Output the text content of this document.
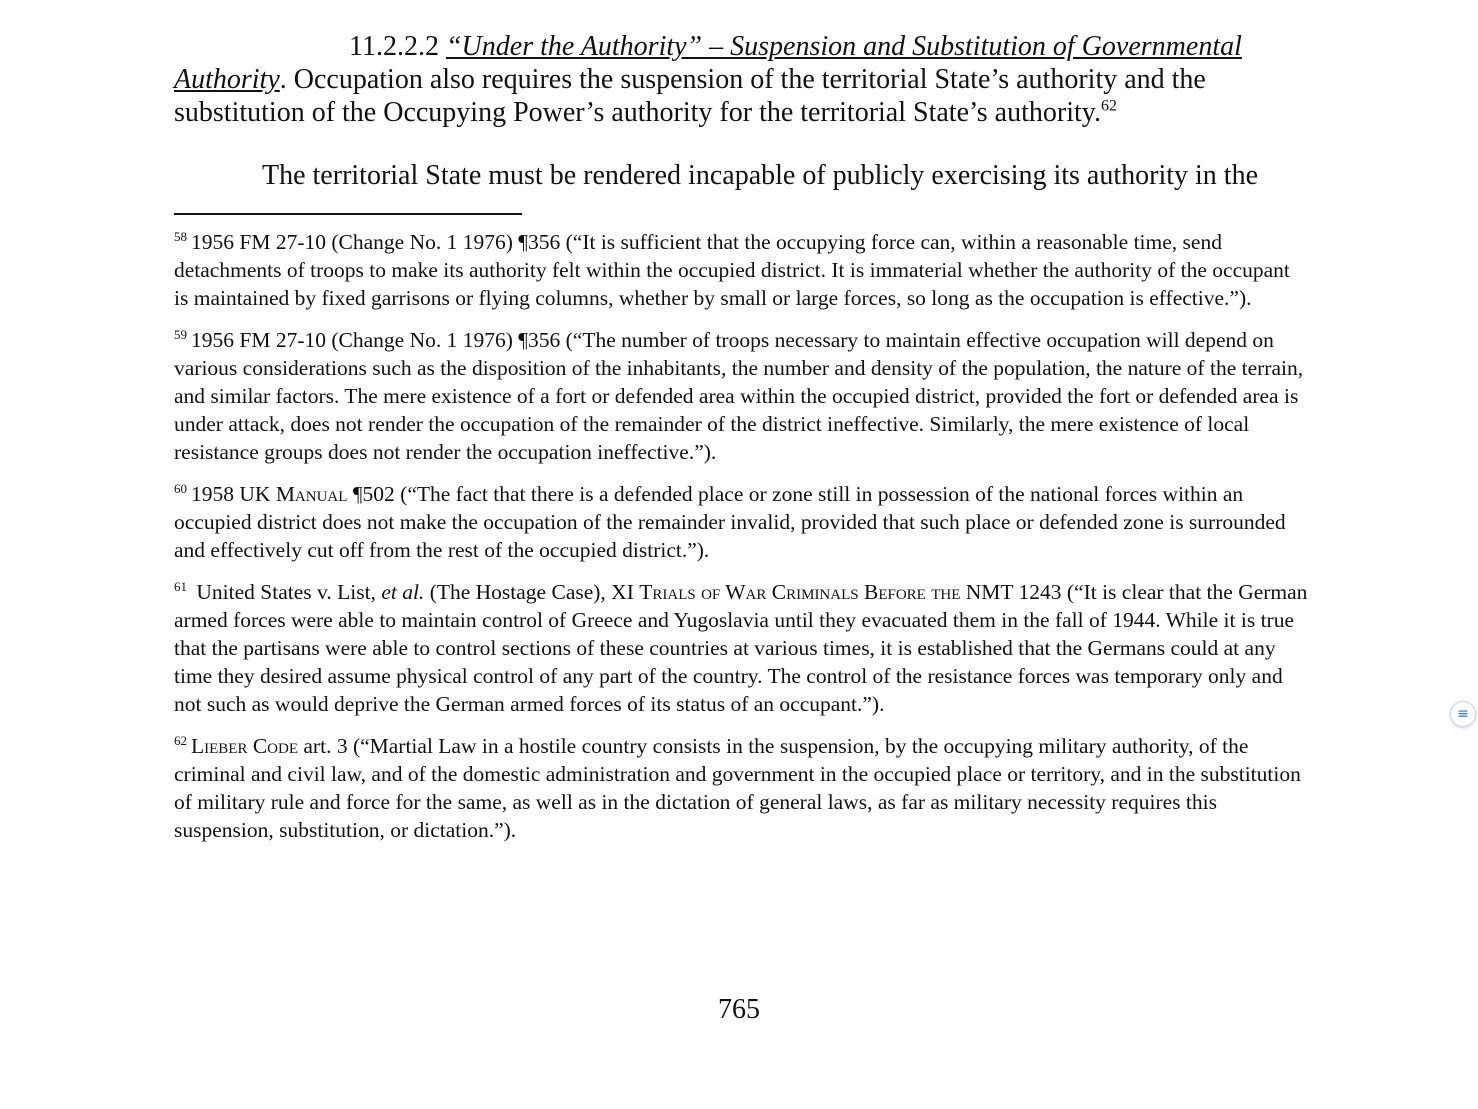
11.2.2.2 “Under the Authority” – Suspension and Substitution of Governmental
Authority. Occupation also requires the suspension of the territorial State’s authority and the substitution of the Occupying Power’s authority for the territorial State’s authority.$^{62}$

The territorial State must be rendered incapable of publicly exercising its authority in the

$^{58}$ 1956 FM 27-10 (Change No. 1 1976) ¶356 (“It is sufficient that the occupying force can, within a reasonable time, send detachments of troops to make its authority felt within the occupied district. It is immaterial whether the authority of the occupant is maintained by fixed garrisons or flying columns, whether by small or large forces, so long as the occupation is effective.”).

$^{59}$ 1956 FM 27-10 (Change No. 1 1976) ¶356 (“The number of troops necessary to maintain effective occupation will depend on various considerations such as the disposition of the inhabitants, the number and density of the population, the nature of the terrain, and similar factors. The mere existence of a fort or defended area within the occupied district, provided the fort or defended area is under attack, does not render the occupation of the remainder of the district ineffective. Similarly, the mere existence of local resistance groups does not render the occupation ineffective.”).

$^{60}$ 1958 UK Manual ¶502 (“The fact that there is a defended place or zone still in possession of the national forces within an occupied district does not make the occupation of the remainder invalid, provided that such place or defended zone is surrounded and effectively cut off from the rest of the occupied district.”).

$^{61}$ United States v. List, et al. (The Hostage Case), XI Trials of War Criminals Before the NMT 1243 (“It is clear that the German armed forces were able to maintain control of Greece and Yugoslavia until they evacuated them in the fall of 1944. While it is true that the partisans were able to control sections of these countries at various times, it is established that the Germans could at any time they desired assume physical control of any part of the country. The control of the resistance forces was temporary only and not such as would deprive the German armed forces of its status of an occupant.”).

$^{62}$ Lieber Code art. 3 (“Martial Law in a hostile country consists in the suspension, by the occupying military authority, of the criminal and civil law, and of the domestic administration and government in the occupied place or territory, and in the substitution of military rule and force for the same, as well as in the dictation of general laws, as far as military necessity requires this suspension, substitution, or dictation.”).

765
≡
